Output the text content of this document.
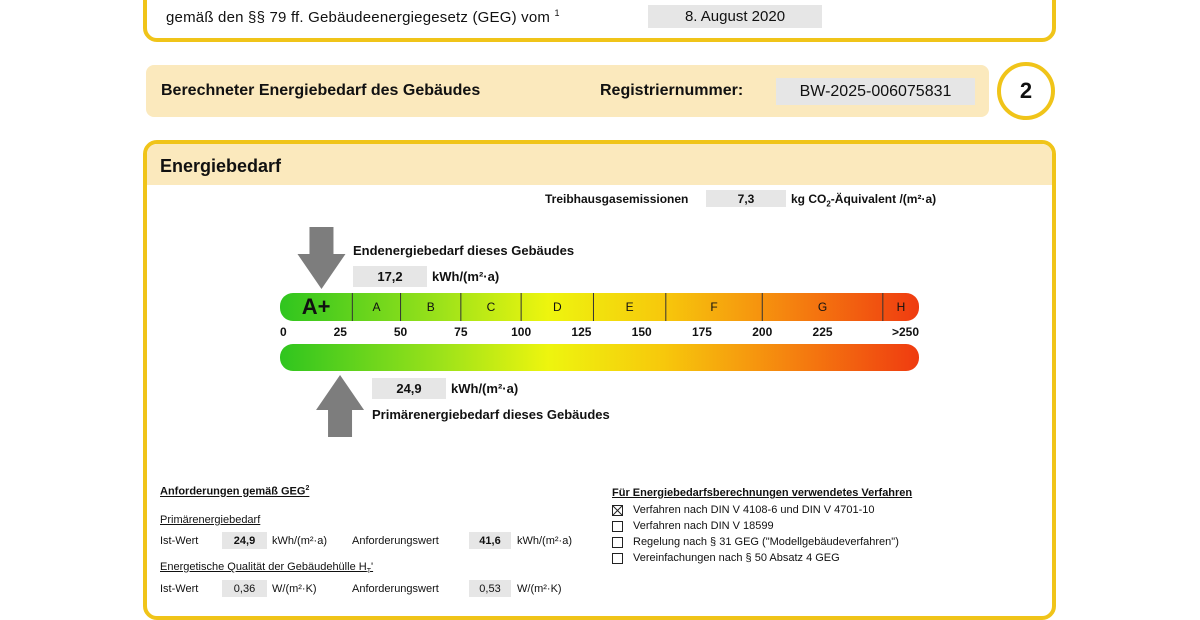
gemäß den §§ 79 ff. Gebäudeenergiegesetz (GEG) vom $^1$	8. August 2020
Berechneter Energiebedarf des Gebäudes	Registriernummer:	BW-2025-006075831	2
Energiebedarf
Treibhausgasemissionen	7,3	kg $CO_2$-Äquivalent /(m²·a)
Endenergiebedarf dieses Gebäudes
17,2 kWh/(m²·a)
24,9 kWh/(m²·a)
Primärenergiebedarf dieses Gebäudes
A+	A	B	C	D	E	F	G	H
0	25	50	75	100	125	150	175	200	225	>250
Anforderungen gemäß GEG$^2$
Primärenergiebedarf
Ist-Wert	24,9 kWh/(m²·a) Anforderungswert	41,6 kWh/(m²·a)
Energetische Qualität der Gebäudehülle $H_T'$
Ist-Wert	0,36 W/(m²·K)	Anforderungswert	0,53 W/(m²·K)
Für Energiebedarfsberechnungen verwendetes Verfahren
Verfahren nach DIN V 4108-6 und DIN V 4701-10
Verfahren nach DIN V 18599
Regelung nach § 31 GEG ("Modellgebäudeverfahren")
Vereinfachungen nach § 50 Absatz 4 GEG
